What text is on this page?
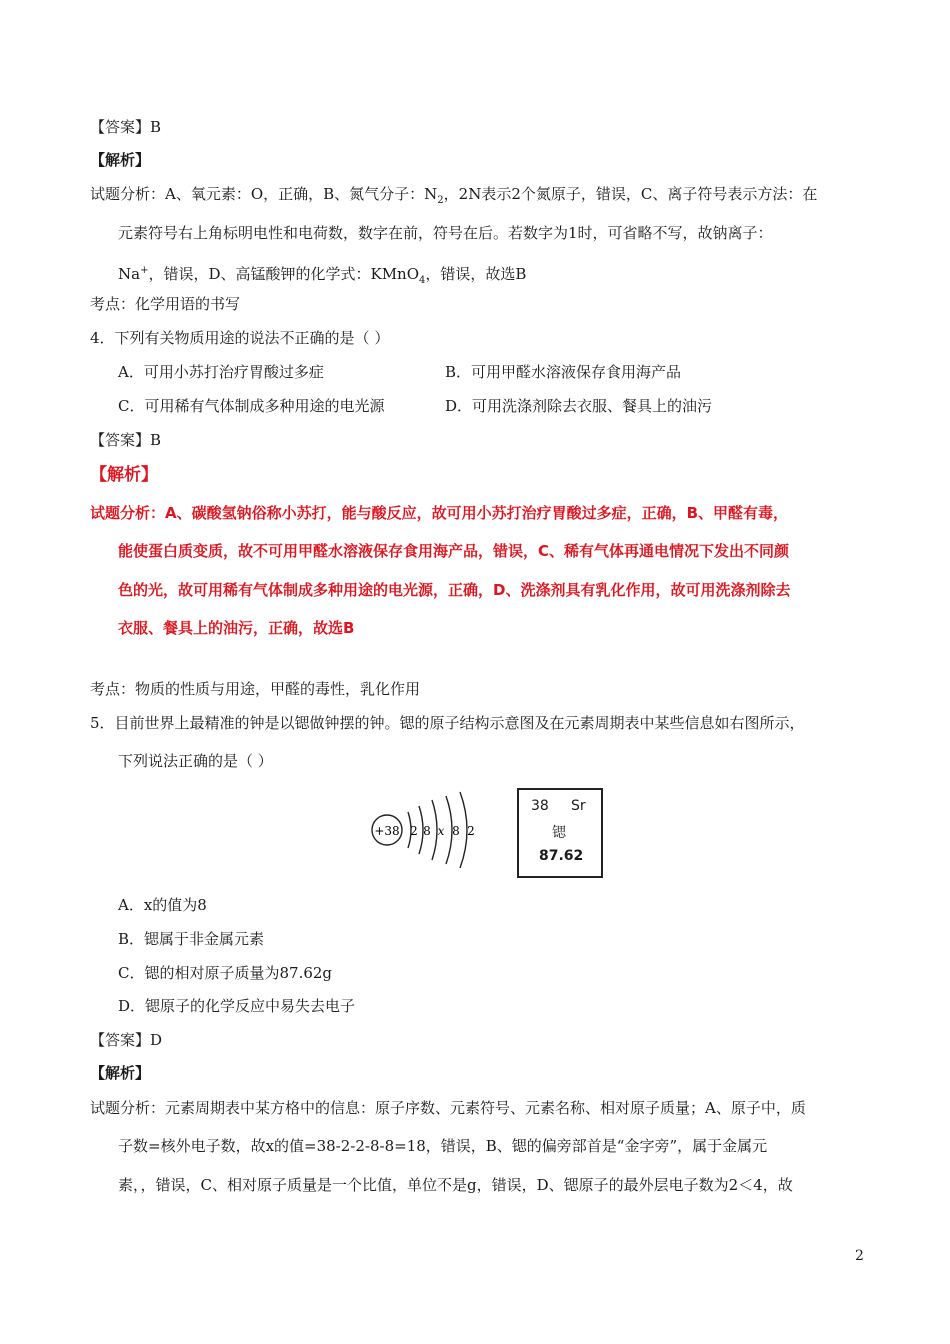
【答案】B
【解析】
试题分析：A、氧元素：O，正确，B、氮气分子：$N_2$，2N表示2个氮原子，错误，C、离子符号表示方法：在
元素符号右上角标明电性和电荷数，数字在前，符号在后。若数字为1时，可省略不写，故钠离子：
Na+，错误，D、高锰酸钾的化学式：KMnO$_4$，错误，故选B
考点：化学用语的书写
4．下列有关物质用途的说法不正确的是（ ）
A．可用小苏打治疗胃酸过多症	B．可用甲醛水溶液保存食用海产品
C．可用稀有气体制成多种用途的电光源	D．可用洗涤剂除去衣服、餐具上的油污
【答案】B
【解析】
试题分析：A、碳酸氢钠俗称小苏打，能与酸反应，故可用小苏打治疗胃酸过多症，正确，B、甲醛有毒，
能使蛋白质变质，故不可用甲醛水溶液保存食用海产品，错误，C、稀有气体再通电情况下发出不同颜
色的光，故可用稀有气体制成多种用途的电光源，正确，D、洗涤剂具有乳化作用，故可用洗涤剂除去
衣服、餐具上的油污，正确，故选B
考点：物质的性质与用途，甲醛的毒性，乳化作用
5．目前世界上最精准的钟是以锶做钟摆的钟。锶的原子结构示意图及在元素周期表中某些信息如右图所示，
下列说法正确的是（ ）
+38 2 8 x 8 2
38 Sr
锶
87.62
A．x的值为8
B．锶属于非金属元素
C．锶的相对原子质量为87.62g
D．锶原子的化学反应中易失去电子
【答案】D
【解析】
试题分析：元素周期表中某方格中的信息：原子序数、元素符号、元素名称、相对原子质量；A、原子中，质
子数=核外电子数，故x的值=38-2-2-8-8=18，错误，B、锶的偏旁部首是“金字旁”，属于金属元
素，，错误，C、相对原子质量是一个比值，单位不是g，错误，D、锶原子的最外层电子数为2＜4，故
2
